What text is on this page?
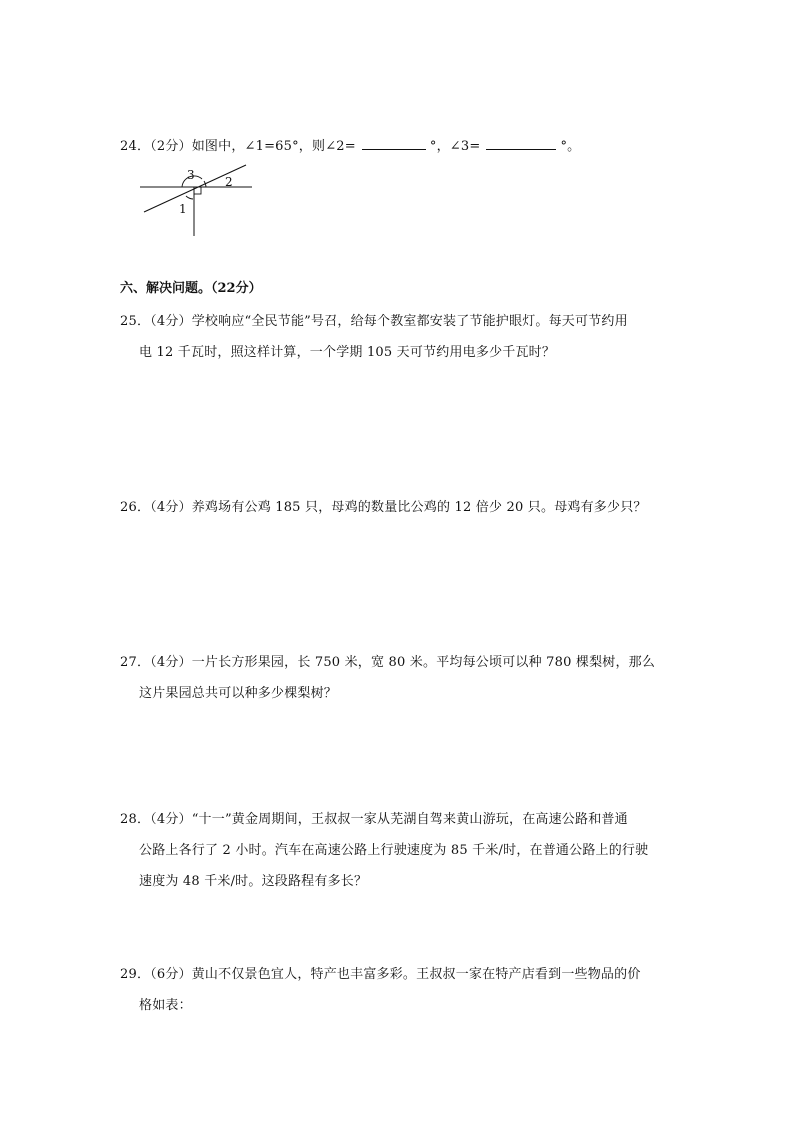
24．（2分）如图中，∠1=65°，则∠2=	°，∠3=	°。
3	2
1
六、解决问题。（22分）
25．（4分）学校响应“全民节能”号召，给每个教室都安装了节能护眼灯。每天可节约用
电 12 千瓦时，照这样计算，一个学期 105 天可节约用电多少千瓦时？
26．（4分）养鸡场有公鸡 185 只，母鸡的数量比公鸡的 12 倍少 20 只。母鸡有多少只？
27．（4分）一片长方形果园，长 750 米，宽 80 米。平均每公顷可以种 780 棵梨树，那么
这片果园总共可以种多少棵梨树？
28．（4分）“十一”黄金周期间，王叔叔一家从芜湖自驾来黄山游玩，在高速公路和普通
公路上各行了 2 小时。汽车在高速公路上行驶速度为 85 千米/时，在普通公路上的行驶
速度为 48 千米/时。这段路程有多长？
29．（6分）黄山不仅景色宜人，特产也丰富多彩。王叔叔一家在特产店看到一些物品的价
格如表：
